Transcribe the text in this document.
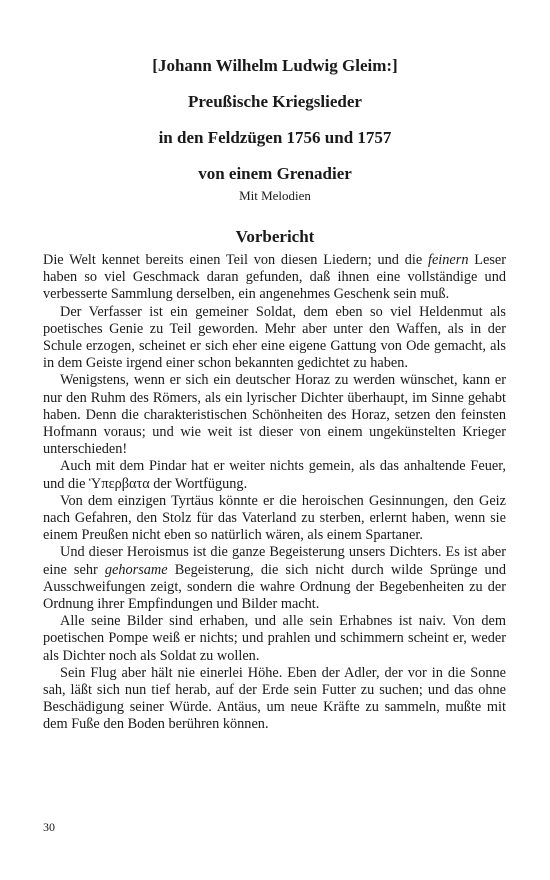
[Johann Wilhelm Ludwig Gleim:]
Preußische Kriegslieder
in den Feldzügen 1756 und 1757
von einem Grenadier
Mit Melodien
Vorbericht

Die Welt kennet bereits einen Teil von diesen Liedern; und die feinern Leser haben so viel Geschmack daran gefunden, daß ihnen eine vollständige und verbesserte Sammlung derselben, ein angenehmes Geschenk sein muß.

Der Verfasser ist ein gemeiner Soldat, dem eben so viel Heldenmut als poetisches Genie zu Teil geworden. Mehr aber unter den Waffen, als in der Schule erzogen, scheinet er sich eher eine eigene Gattung von Ode gemacht, als in dem Geiste irgend einer schon bekannten gedichtet zu haben.

Wenigstens, wenn er sich ein deutscher Horaz zu werden wünschet, kann er nur den Ruhm des Römers, als ein lyrischer Dichter überhaupt, im Sinne gehabt haben. Denn die charakteristischen Schönheiten des Horaz, setzen den feinsten Hofmann voraus; und wie weit ist dieser von einem ungekünstelten Krieger unterschieden!

Auch mit dem Pindar hat er weiter nichts gemein, als das anhaltende Feuer, und die Ὑπερβατα der Wortfügung.

Von dem einzigen Tyrtäus könnte er die heroischen Gesinnungen, den Geiz nach Gefahren, den Stolz für das Vaterland zu sterben, erlernt haben, wenn sie einem Preußen nicht eben so natürlich wären, als einem Spartaner.

Und dieser Heroismus ist die ganze Begeisterung unsers Dichters. Es ist aber eine sehr gehorsame Begeisterung, die sich nicht durch wilde Sprünge und Ausschweifungen zeigt, sondern die wahre Ordnung der Begebenheiten zu der Ordnung ihrer Empfindungen und Bilder macht.

Alle seine Bilder sind erhaben, und alle sein Erhabnes ist naiv. Von dem poetischen Pompe weiß er nichts; und prahlen und schimmern scheint er, weder als Dichter noch als Soldat zu wollen.

Sein Flug aber hält nie einerlei Höhe. Eben der Adler, der vor in die Sonne sah, läßt sich nun tief herab, auf der Erde sein Futter zu suchen; und das ohne Beschädigung seiner Würde. Antäus, um neue Kräfte zu sammeln, mußte mit dem Fuße den Boden berühren können.

30
